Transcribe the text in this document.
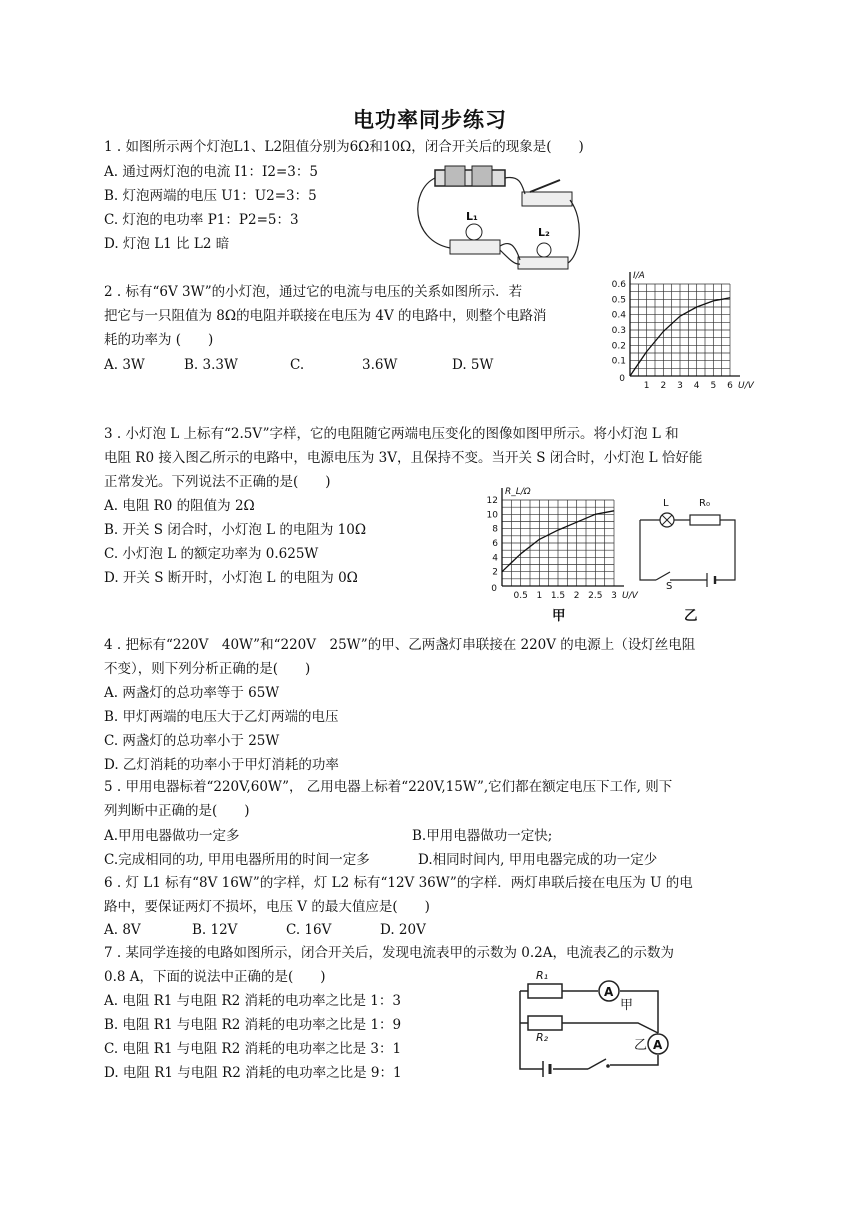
电功率同步练习
1 . 如图所示两个灯泡L1、L2阻值分别为6Ω和10Ω，闭合开关后的现象是(　　)
A. 通过两灯泡的电流 I1：I2=3：5
B. 灯泡两端的电压 U1：U2=3：5
C. 灯泡的电功率 P1：P2=5：3
D. 灯泡 L1 比 L2 暗
L₁
L₂
2 . 标有“6V 3W”的小灯泡，通过它的电流与电压的关系如图所示．若
把它与一只阻值为 8Ω的电阻并联接在电压为 4V 的电路中，则整个电路消
耗的功率为 (　　)
A. 3W	B. 3.3W	C.	3.6W	D. 5W
1 2 3 4 5 6
0.1
0.2
0.3
0.4
0.5
0.6
0
U/V
I/A
3 . 小灯泡 L 上标有“2.5V”字样，它的电阻随它两端电压变化的图像如图甲所示。将小灯泡 L 和
电阻 R0 接入图乙所示的电路中，电源电压为 3V，且保持不变。当开关 S 闭合时，小灯泡 L 恰好能
正常发光。下列说法不正确的是(　　)
A. 电阻 R0 的阻值为 2Ω
B. 开关 S 闭合时，小灯泡 L 的电阻为 10Ω
C. 小灯泡 L 的额定功率为 0.625W
D. 开关 S 断开时，小灯泡 L 的电阻为 0Ω
0.5 1 1.5 2 2.5 3
2
4
6
8
10
12
0
U/V
R_L/Ω
甲	乙
L	R₀
S
4 . 把标有“220V　40W”和“220V　25W”的甲、乙两盏灯串联接在 220V 的电源上（设灯丝电阻
不变），则下列分析正确的是(　　)
A. 两盏灯的总功率等于 65W
B. 甲灯两端的电压大于乙灯两端的电压
C. 两盏灯的总功率小于 25W
D. 乙灯消耗的功率小于甲灯消耗的功率
5 . 甲用电器标着“220V,60W”， 乙用电器上标着“220V,15W”,它们都在额定电压下工作, 则下
列判断中正确的是(　　)
A.甲用电器做功一定多	B.甲用电器做功一定快;
C.完成相同的功, 甲用电器所用的时间一定多	D.相同时间内, 甲用电器完成的功一定少
6 . 灯 L1 标有“8V 16W”的字样，灯 L2 标有“12V 36W”的字样．两灯串联后接在电压为 U 的电
路中，要保证两灯不损坏，电压 V 的最大值应是(　　)
A. 8V	B. 12V	C. 16V	D. 20V
7 . 某同学连接的电路如图所示，闭合开关后，发现电流表甲的示数为 0.2A，电流表乙的示数为
0.8 A，下面的说法中正确的是(　　)
A. 电阻 R1 与电阻 R2 消耗的电功率之比是 1：3
B. 电阻 R1 与电阻 R2 消耗的电功率之比是 1：9
C. 电阻 R1 与电阻 R2 消耗的电功率之比是 3：1
D. 电阻 R1 与电阻 R2 消耗的电功率之比是 9：1
A
甲
R₁
R₂
A
乙
